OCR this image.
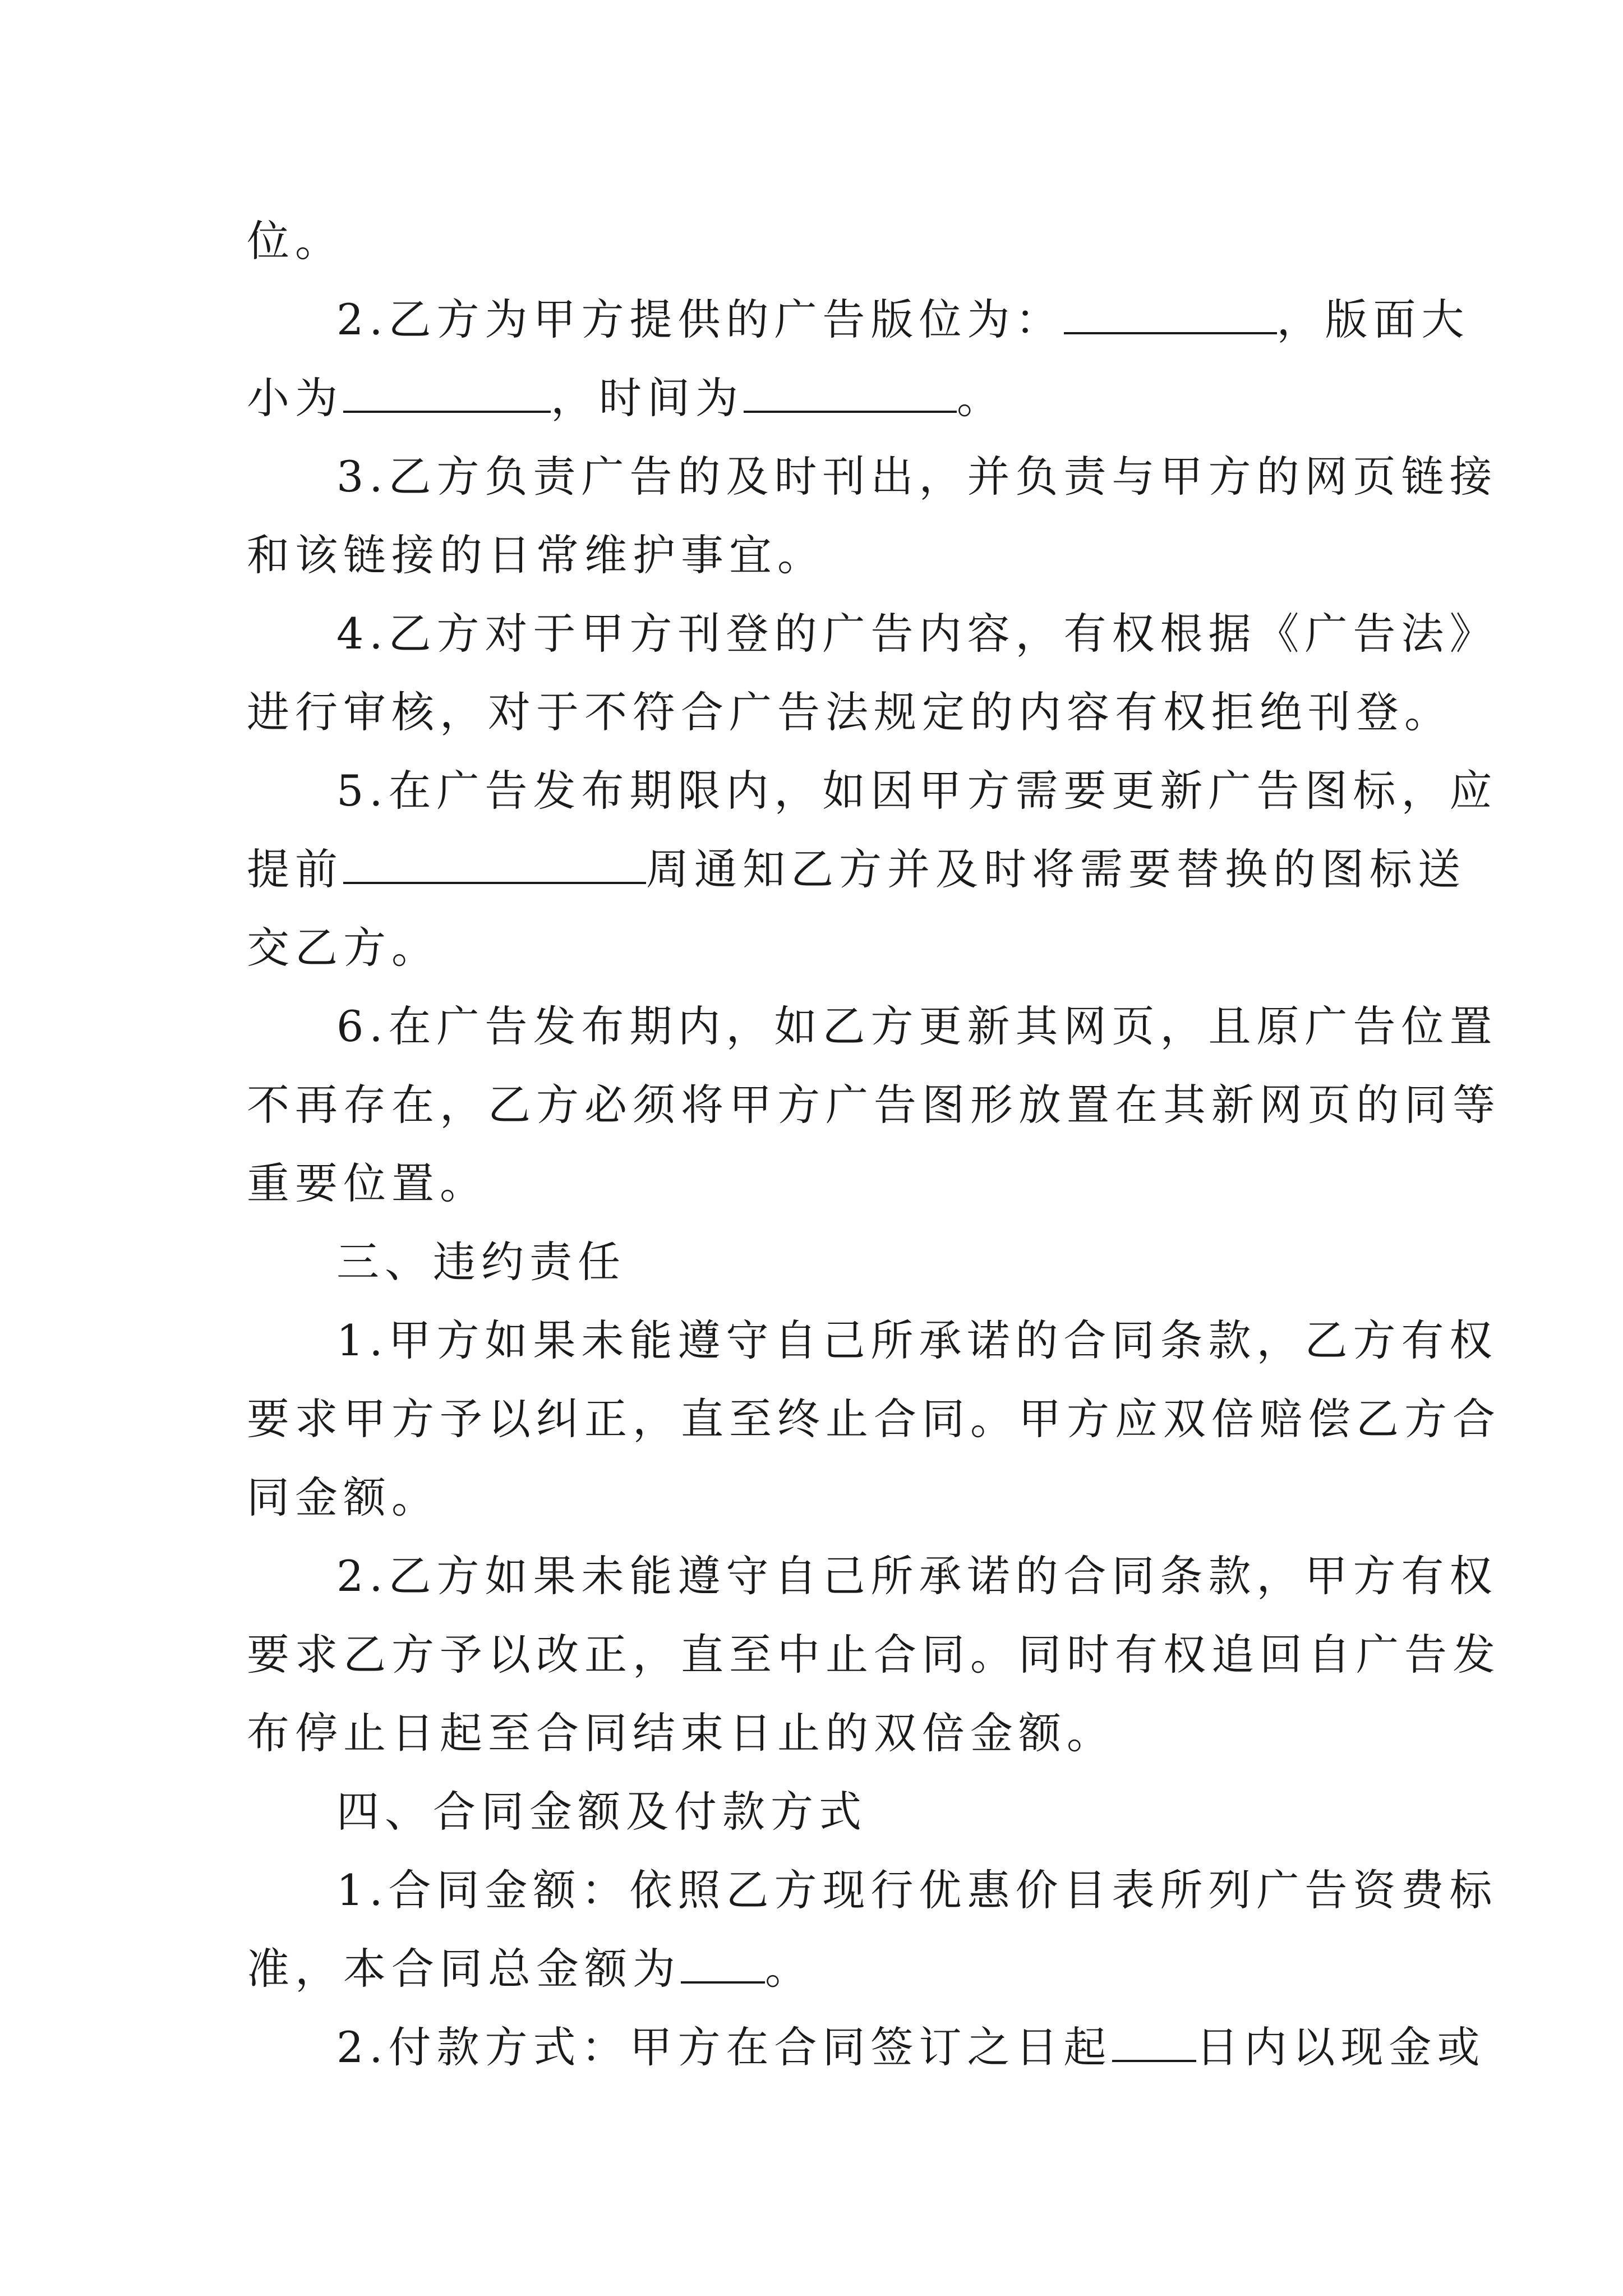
位。
2.乙方为甲方提供的广告版位为：	，版面大
小为	，时间为	。
3.乙方负责广告的及时刊出，并负责与甲方的网页链接
和该链接的日常维护事宜。
4.乙方对于甲方刊登的广告内容，有权根据《广告法》
进行审核，对于不符合广告法规定的内容有权拒绝刊登。
5.在广告发布期限内，如因甲方需要更新广告图标，应
提前	周通知乙方并及时将需要替换的图标送
交乙方。
6.在广告发布期内，如乙方更新其网页，且原广告位置
不再存在，乙方必须将甲方广告图形放置在其新网页的同等
重要位置。
三、违约责任
1.甲方如果未能遵守自己所承诺的合同条款，乙方有权
要求甲方予以纠正，直至终止合同。甲方应双倍赔偿乙方合
同金额。
2.乙方如果未能遵守自己所承诺的合同条款，甲方有权
要求乙方予以改正，直至中止合同。同时有权追回自广告发
布停止日起至合同结束日止的双倍金额。
四、合同金额及付款方式
1.合同金额：依照乙方现行优惠价目表所列广告资费标
准，本合同总金额为 。
2.付款方式：甲方在合同签订之日起 日内以现金或
